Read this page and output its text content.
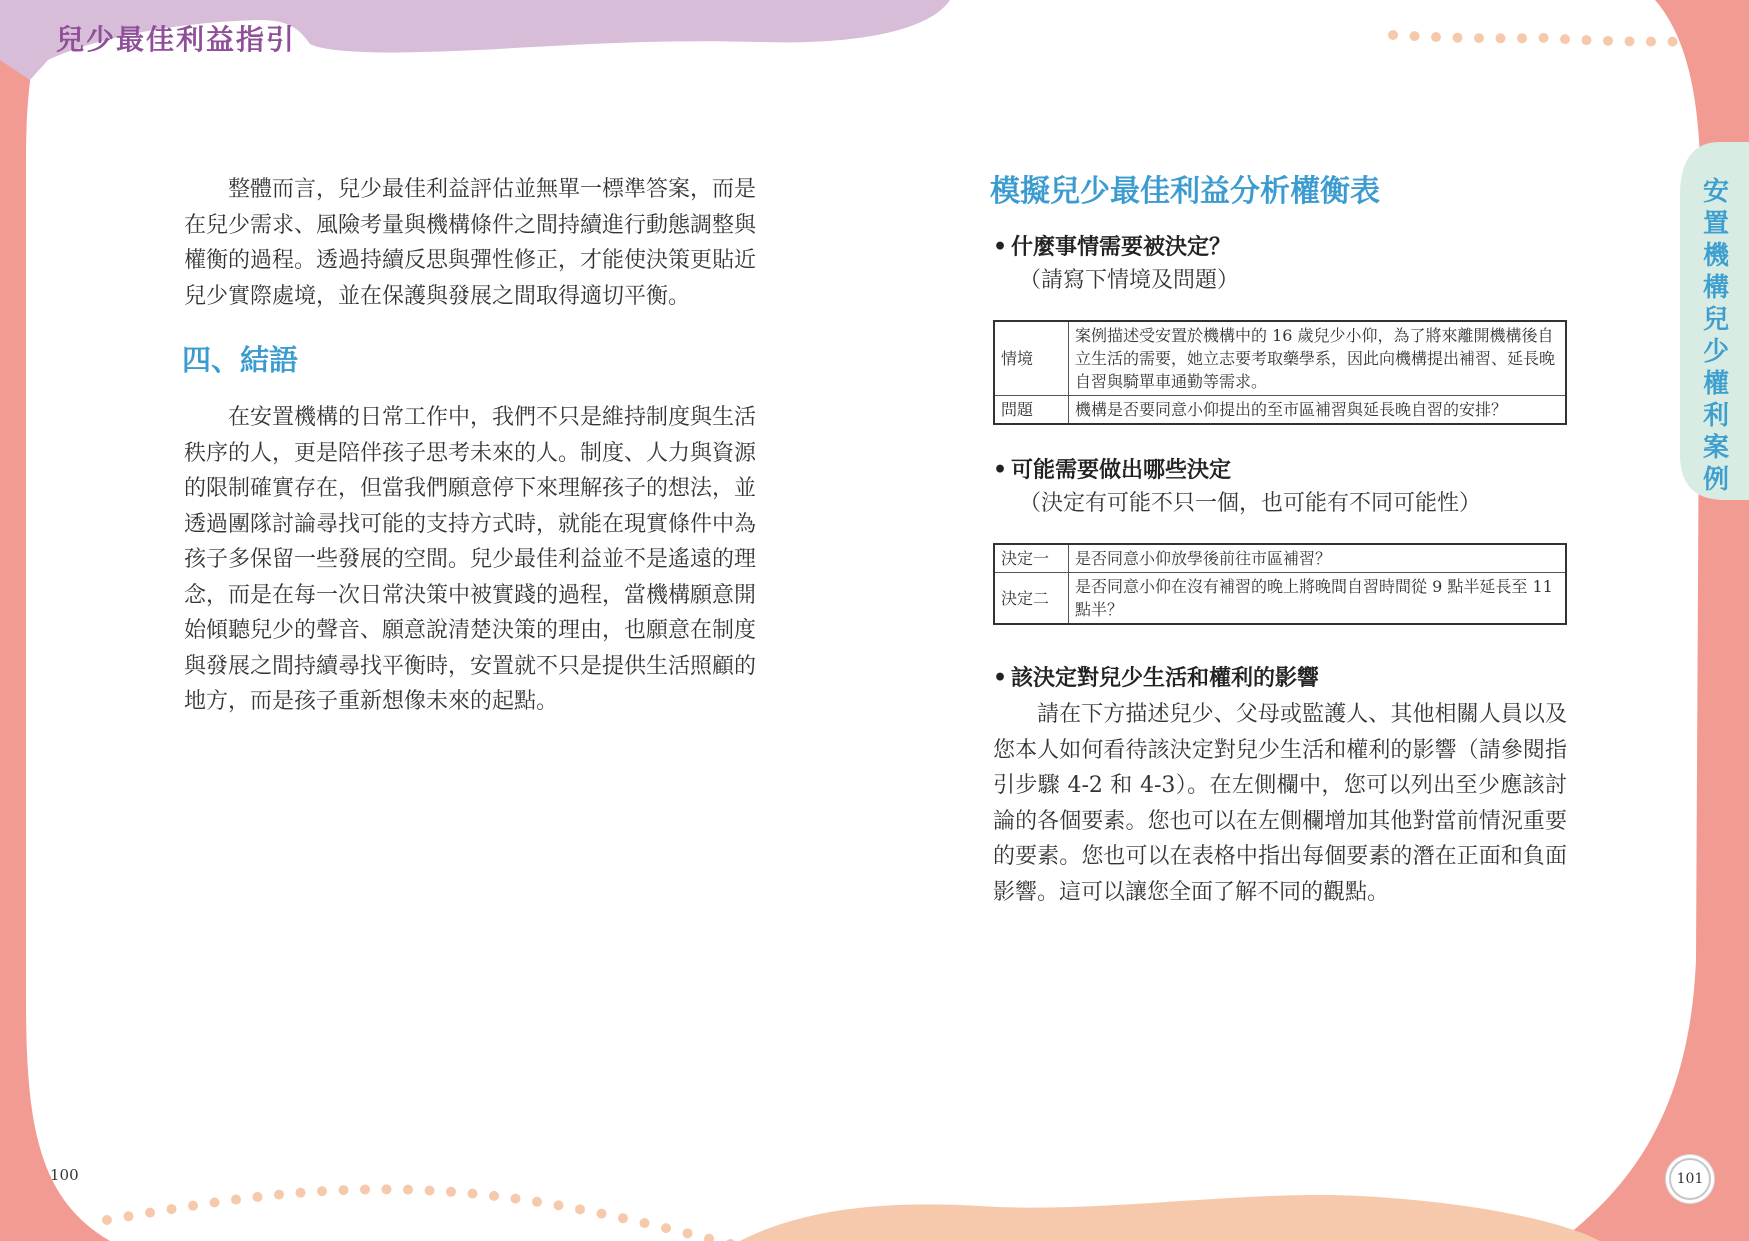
兒少最佳利益指引
安置機構兒少權利案例

整體而言，兒少最佳利益評估並無單一標準答案，而是在兒少需求、風險考量與機構條件之間持續進行動態調整與權衡的過程。透過持續反思與彈性修正，才能使決策更貼近兒少實際處境，並在保護與發展之間取得適切平衡。

四、結語

在安置機構的日常工作中，我們不只是維持制度與生活秩序的人，更是陪伴孩子思考未來的人。制度、人力與資源的限制確實存在，但當我們願意停下來理解孩子的想法，並透過團隊討論尋找可能的支持方式時，就能在現實條件中為孩子多保留一些發展的空間。兒少最佳利益並不是遙遠的理念，而是在每一次日常決策中被實踐的過程，當機構願意開始傾聽兒少的聲音、願意說清楚決策的理由，也願意在制度與發展之間持續尋找平衡時，安置就不只是提供生活照顧的地方，而是孩子重新想像未來的起點。

100
模擬兒少最佳利益分析權衡表

• 什麼事情需要被決定？

（請寫下情境及問題）

情境	案例描述受安置於機構中的 16 歲兒少小仰，為了將來離開機構後自立生活的需要，她立志要考取藥學系，因此向機構提出補習、延長晚自習與騎單車通勤等需求。
問題	機構是否要同意小仰提出的至市區補習與延長晚自習的安排？

• 可能需要做出哪些決定

（決定有可能不只一個，也可能有不同可能性）

決定一	是否同意小仰放學後前往市區補習？
決定二	是否同意小仰在沒有補習的晚上將晚間自習時間從 9 點半延長至 11 點半？

• 該決定對兒少生活和權利的影響

請在下方描述兒少、父母或監護人、其他相關人員以及您本人如何看待該決定對兒少生活和權利的影響（請參閱指引步驟 4-2 和 4-3）。在左側欄中，您可以列出至少應該討論的各個要素。您也可以在左側欄增加其他對當前情況重要的要素。您也可以在表格中指出每個要素的潛在正面和負面影響。這可以讓您全面了解不同的觀點。

101
